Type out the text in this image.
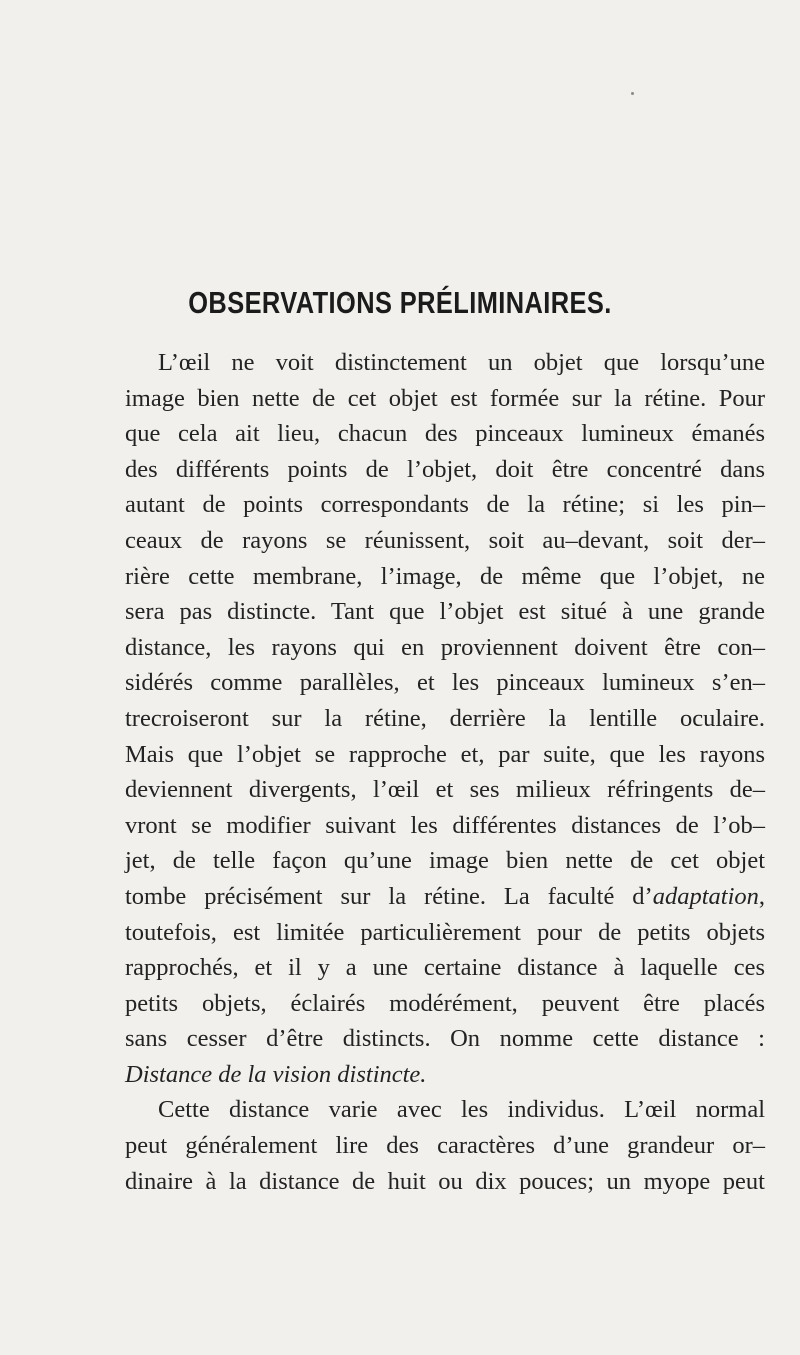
OBSERVATIONS PRÉLIMINAIRES.
L’œil ne voit distinctement un objet que lorsqu’une
image bien nette de cet objet est formée sur la rétine. Pour
que cela ait lieu, chacun des pinceaux lumineux émanés
des différents points de l’objet, doit être concentré dans
autant de points correspondants de la rétine; si les pin–
ceaux de rayons se réunissent, soit au–devant, soit der–
rière cette membrane, l’image, de même que l’objet, ne
sera pas distincte. Tant que l’objet est situé à une grande
distance, les rayons qui en proviennent doivent être con–
sidérés comme parallèles, et les pinceaux lumineux s’en–
trecroiseront sur la rétine, derrière la lentille oculaire.
Mais que l’objet se rapproche et, par suite, que les rayons
deviennent divergents, l’œil et ses milieux réfringents de–
vront se modifier suivant les différentes distances de l’ob–
jet, de telle façon qu’une image bien nette de cet objet
tombe précisément sur la rétine. La faculté d’adaptation,
toutefois, est limitée particulièrement pour de petits objets
rapprochés, et il y a une certaine distance à laquelle ces
petits objets, éclairés modérément, peuvent être placés
sans cesser d’être distincts. On nomme cette distance :
Distance de la vision distincte.
Cette distance varie avec les individus. L’œil normal
peut généralement lire des caractères d’une grandeur or–
dinaire à la distance de huit ou dix pouces; un myope peut
